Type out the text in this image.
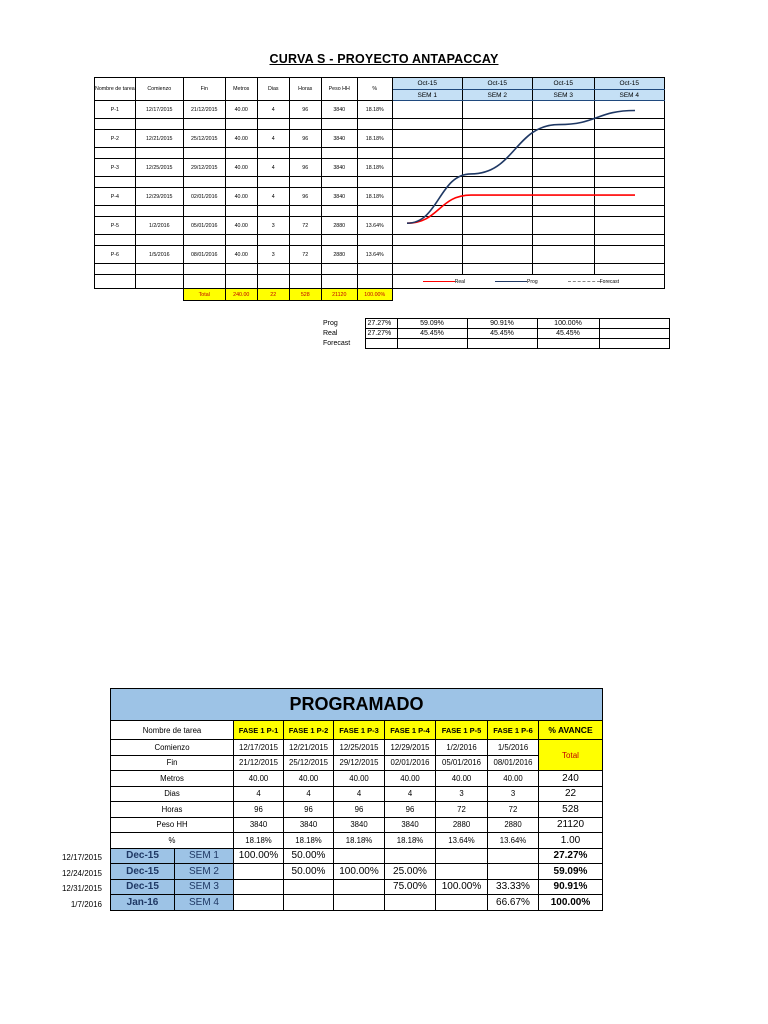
CURVA S - PROYECTO ANTAPACCAY
Nombre de tarea	Comienzo	Fin	Metros	Dias	Horas	Peso HH	%	Oct-15	Oct-15	Oct-15	Oct-15
								SEM 1	SEM 2	SEM 3	SEM 4
P-1	12/17/2015	21/12/2015	40.00	4	96	3840	18.18%				

P-2	12/21/2015	25/12/2015	40.00	4	96	3840	18.18%				

P-3	12/25/2015	29/12/2015	40.00	4	96	3840	18.18%				

P-4	12/29/2015	02/01/2016	40.00	4	96	3840	18.18%				

P-5	1/2/2016	05/01/2016	40.00	3	72	2880	13.64%				

P-6	1/5/2016	08/01/2016	40.00	3	72	2880	13.64%				

								Real Prog Forecast			
		Total	240.00	22	528	21120	100.00%				
Prog	27.27%	59.09%	90.91%	100.00%	
Real	27.27%	45.45%	45.45%	45.45%	
Forecast					
12/17/2015
12/24/2015
12/31/2015
1/7/2016
PROGRAMADO								
Nombre de tarea		FASE 1 P-1	FASE 1 P-2	FASE 1 P-3	FASE 1 P-4	FASE 1 P-5	FASE 1 P-6	% AVANCE
Comienzo		12/17/2015	12/21/2015	12/25/2015	12/29/2015	1/2/2016	1/5/2016	Total
Fin		21/12/2015	25/12/2015	29/12/2015	02/01/2016	05/01/2016	08/01/2016	
Metros		40.00	40.00	40.00	40.00	40.00	40.00	240
Dias		4	4	4	4	3	3	22
Horas		96	96	96	96	72	72	528
Peso HH		3840	3840	3840	3840	2880	2880	21120
%		18.18%	18.18%	18.18%	18.18%	13.64%	13.64%	1.00
Dec-15	SEM 1	100.00%	50.00%					27.27%
Dec-15	SEM 2		50.00%	100.00%	25.00%			59.09%
Dec-15	SEM 3				75.00%	100.00%	33.33%	90.91%
Jan-16	SEM 4						66.67%	100.00%
